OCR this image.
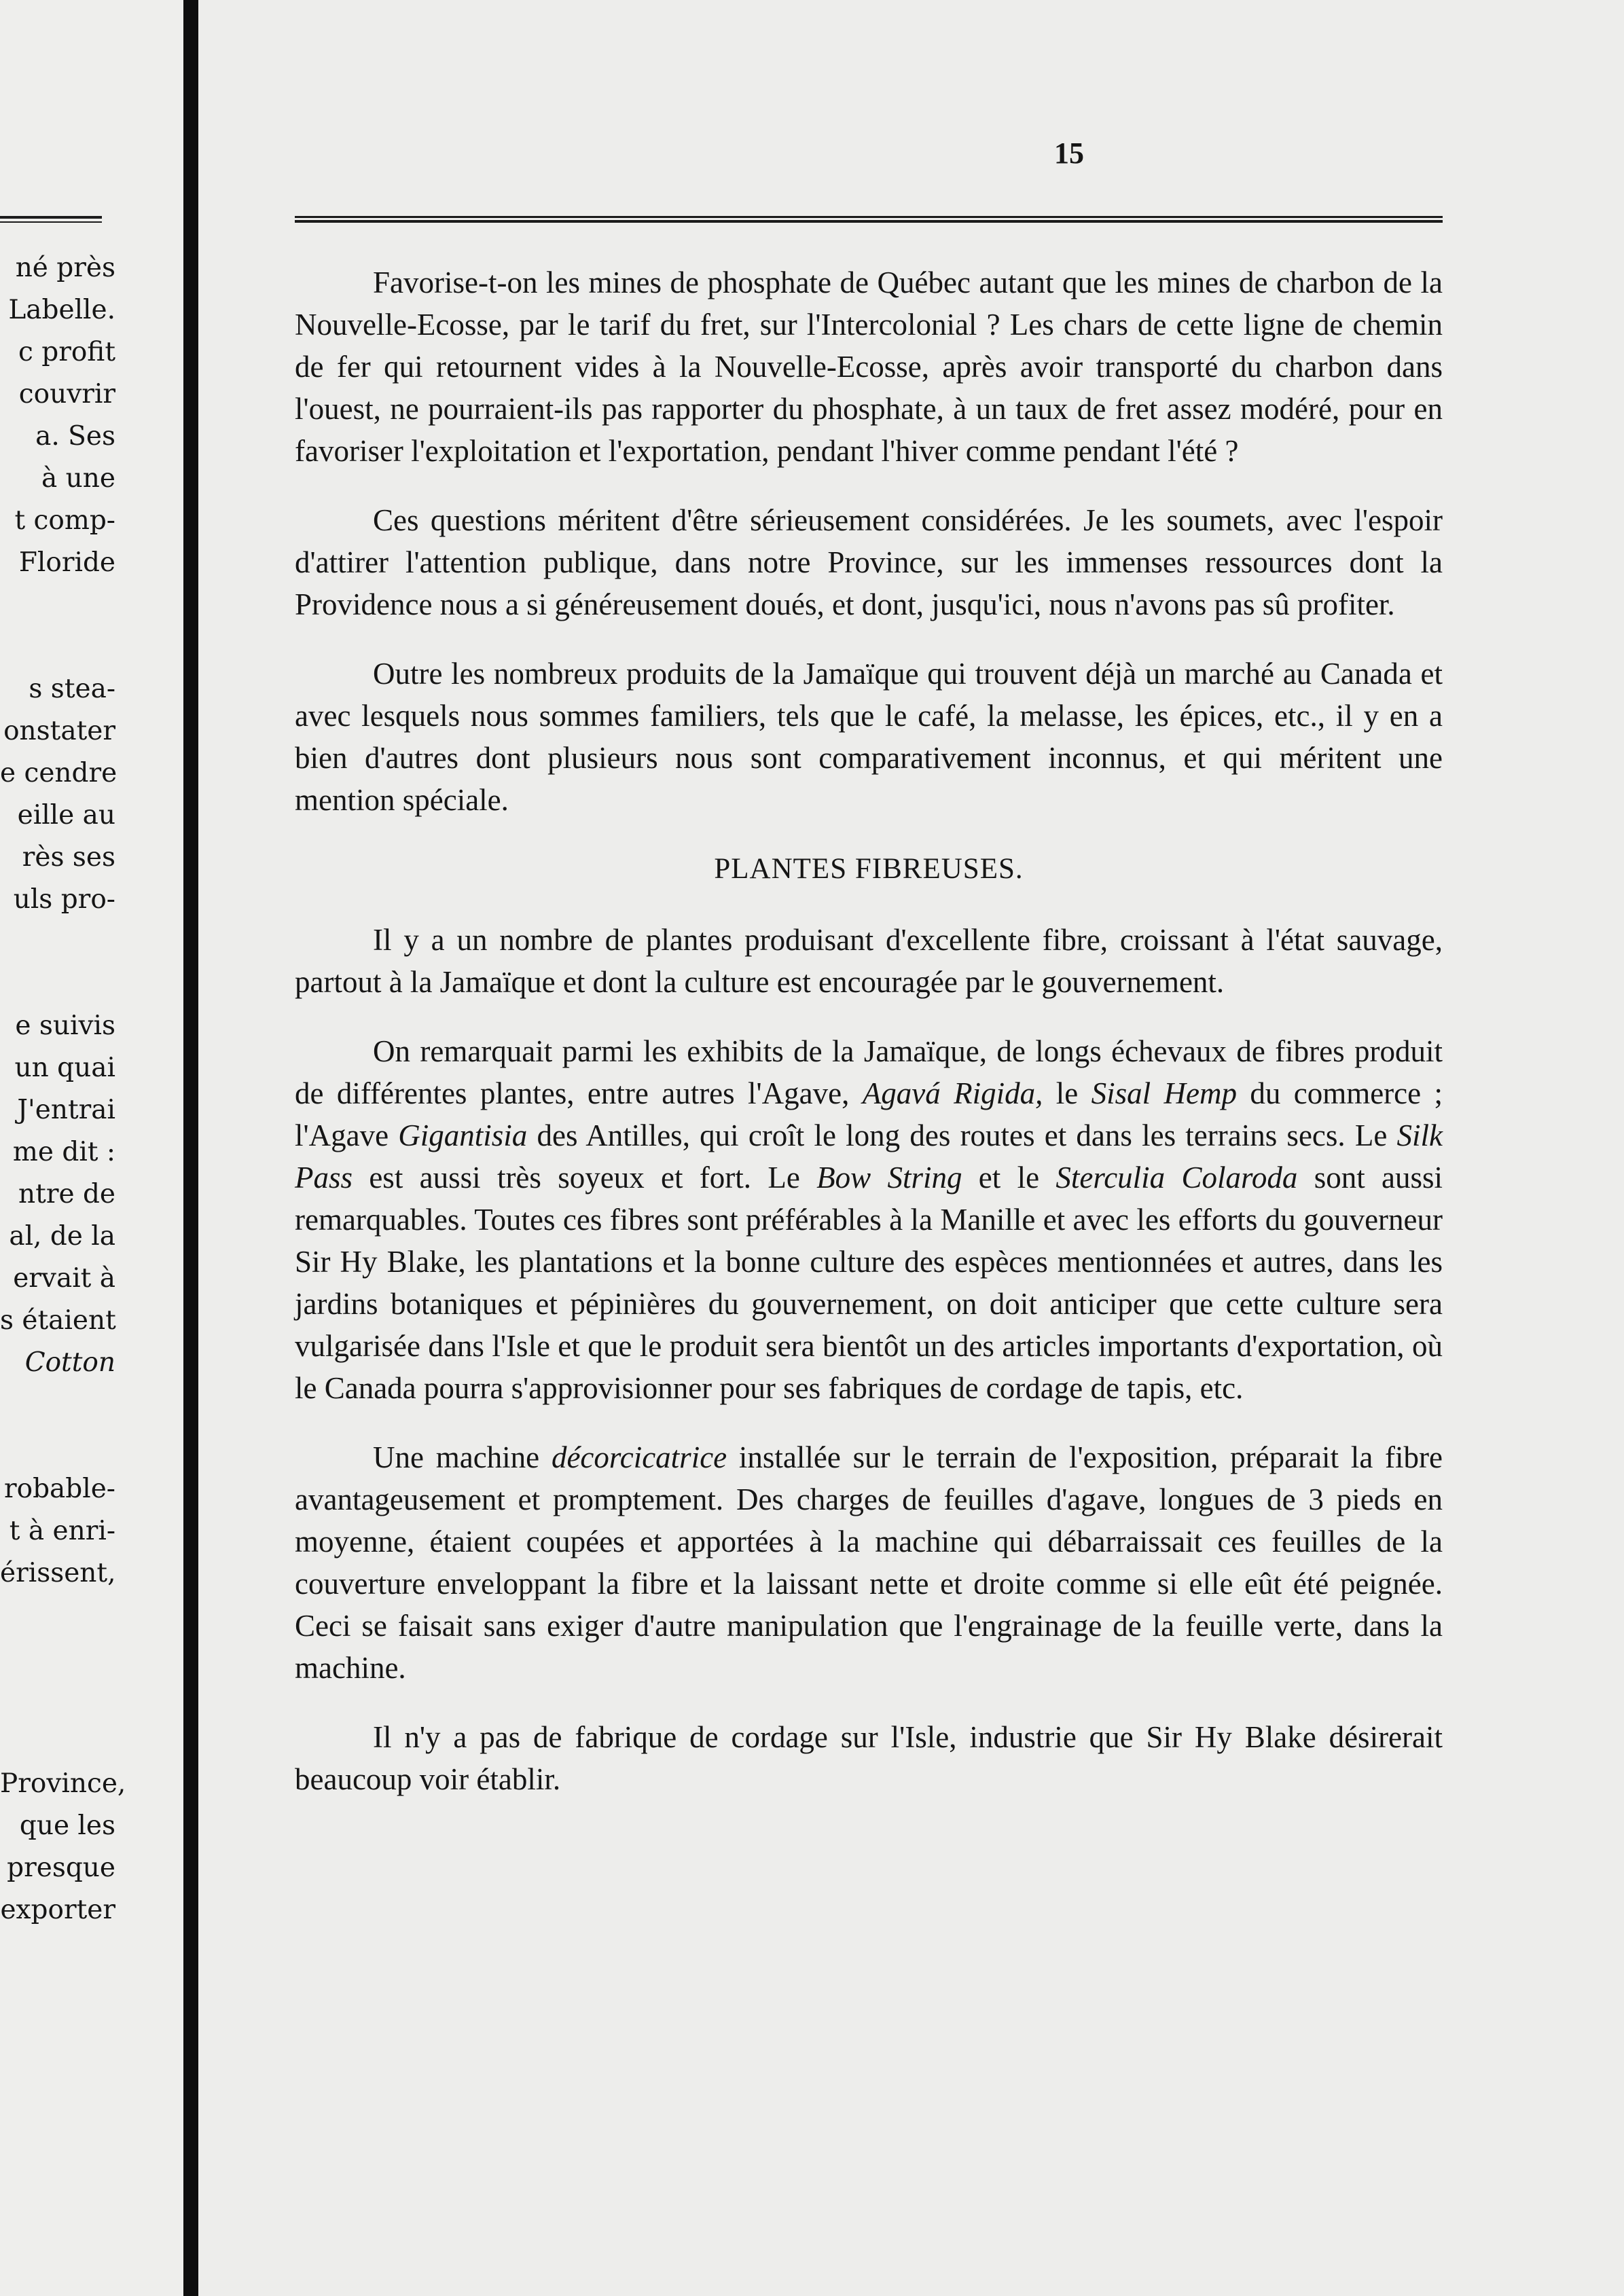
né près
Labelle.
c profit
couvrir
a. Ses
à une
t comp-
Floride
s stea-
onstater
e cendre
eille au
rès ses
uls pro-
e suivis
un quai
J'entrai
me dit :
ntre de
al, de la
ervait à
s étaient
Cotton
robable-
t à enri-
érissent,
Province,
que les
presque
exporter
15

Favorise-t-on les mines de phosphate de Québec autant que les mines de charbon de la Nouvelle-Ecosse, par le tarif du fret, sur l'Intercolonial ? Les chars de cette ligne de chemin de fer qui retournent vides à la Nouvelle-Ecosse, après avoir transporté du charbon dans l'ouest, ne pourraient-ils pas rapporter du phosphate, à un taux de fret assez modéré, pour en favoriser l'exploitation et l'exportation, pendant l'hiver comme pendant l'été ?

Ces questions méritent d'être sérieusement considérées. Je les soumets, avec l'espoir d'attirer l'attention publique, dans notre Province, sur les immenses ressources dont la Providence nous a si généreusement doués, et dont, jusqu'ici, nous n'avons pas sû profiter.

Outre les nombreux produits de la Jamaïque qui trouvent déjà un marché au Canada et avec lesquels nous sommes familiers, tels que le café, la melasse, les épices, etc., il y en a bien d'autres dont plusieurs nous sont comparativement inconnus, et qui méritent une mention spéciale.

PLANTES FIBREUSES.

Il y a un nombre de plantes produisant d'excellente fibre, croissant à l'état sauvage, partout à la Jamaïque et dont la culture est encouragée par le gouvernement.

On remarquait parmi les exhibits de la Jamaïque, de longs échevaux de fibres produit de différentes plantes, entre autres l'Agave, Agavá Rigida, le Sisal Hemp du commerce ; l'Agave Gigantisia des Antilles, qui croît le long des routes et dans les terrains secs. Le Silk Pass est aussi très soyeux et fort. Le Bow String et le Sterculia Colaroda sont aussi remarquables. Toutes ces fibres sont préférables à la Manille et avec les efforts du gouverneur Sir Hy Blake, les plantations et la bonne culture des espèces mentionnées et autres, dans les jardins botaniques et pépinières du gouvernement, on doit anticiper que cette culture sera vulgarisée dans l'Isle et que le produit sera bientôt un des articles importants d'exportation, où le Canada pourra s'approvisionner pour ses fabriques de cordage de tapis, etc.

Une machine décorcicatrice installée sur le terrain de l'exposition, préparait la fibre avantageusement et promptement. Des charges de feuilles d'agave, longues de 3 pieds en moyenne, étaient coupées et apportées à la machine qui débarraissait ces feuilles de la couverture enveloppant la fibre et la laissant nette et droite comme si elle eût été peignée. Ceci se faisait sans exiger d'autre manipulation que l'engrainage de la feuille verte, dans la machine.

Il n'y a pas de fabrique de cordage sur l'Isle, industrie que Sir Hy Blake désirerait beaucoup voir établir.
